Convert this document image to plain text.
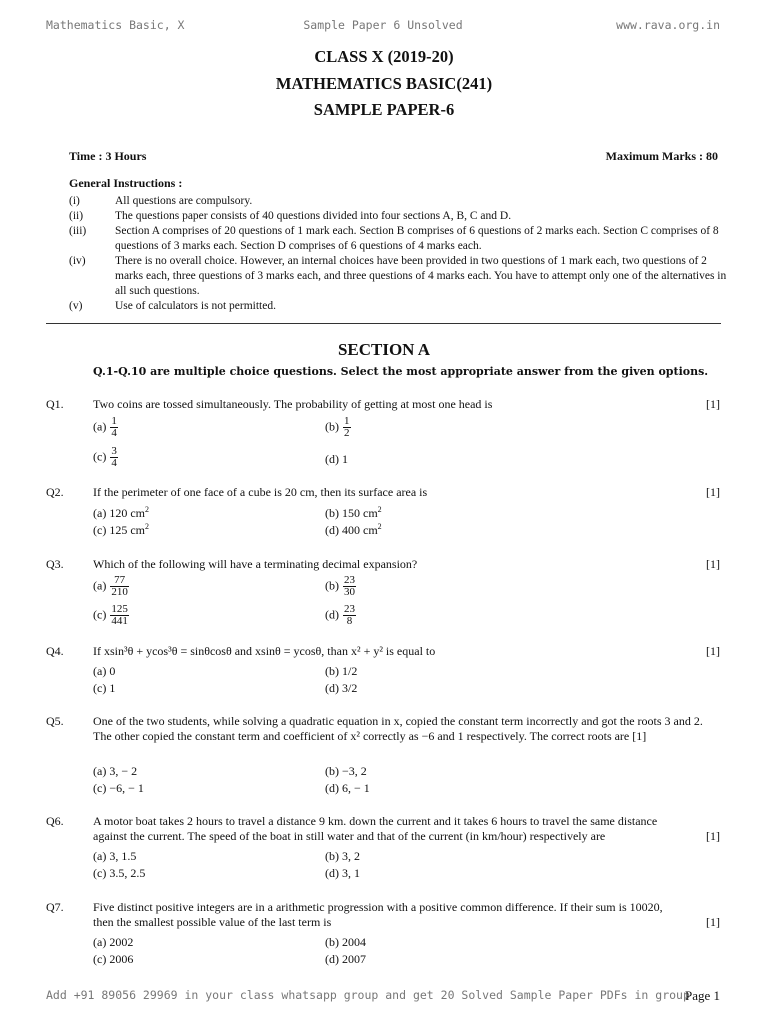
Mathematics Basic, X	Sample Paper 6 Unsolved	www.rava.org.in
CLASS X (2019-20)
MATHEMATICS BASIC(241)
SAMPLE PAPER-6
Time : 3 Hours	Maximum Marks : 80
General Instructions :
(i)	All questions are compulsory.
(ii)	The questions paper consists of 40 questions divided into four sections A, B, C and D.
(iii)	Section A comprises of 20 questions of 1 mark each. Section B comprises of 6 questions of 2 marks each. Section C comprises of 8 questions of 3 marks each. Section D comprises of 6 questions of 4 marks each.
(iv)	There is no overall choice. However, an internal choices have been provided in two questions of 1 mark each, two questions of 2 marks each, three questions of 3 marks each, and three questions of 4 marks each. You have to attempt only one of the alternatives in all such questions.
(v)	Use of calculators is not permitted.
SECTION A
Q.1-Q.10 are multiple choice questions. Select the most appropriate answer from the given options.
Q1. Two coins are tossed simultaneously. The probability of getting at most one head is	[1]
$(a) \frac{1}{4}$	$(b) \frac{1}{2}$
$(c) \frac{3}{4}$	(d) 1
Q2. If the perimeter of one face of a cube is 20 cm, then its surface area is	[1]
(a) 120 $cm^2$	(b) 150 $cm^2$
(c) 125 $cm^2$	(d) 400 $cm^2$
Q3. Which of the following will have a terminating decimal expansion?	[1]
$(a) \frac{77}{210}$	$(b) \frac{23}{30}$
$(c) \frac{125}{441}$	$(d) \frac{23}{8}$
Q4. If xsin³θ + ycos³θ = sinθcosθ and xsinθ = ycosθ, than x² + y² is equal to	[1]
(a) 0	(b) 1/2
(c) 1	(d) 3/2
Q5. One of the two students, while solving a quadratic equation in x, copied the constant term incorrectly and got the roots 3 and 2. The other copied the constant term and coefficient of x² correctly as −6 and 1 respectively. The correct roots are [1]
(a) 3, − 2	(b) −3, 2
(c) −6, − 1	(d) 6, − 1
Q6. A motor boat takes 2 hours to travel a distance 9 km. down the current and it takes 6 hours to travel the same distance against the current. The speed of the boat in still water and that of the current (in km/hour) respectively are	[1]
(a) 3, 1.5	(b) 3, 2
(c) 3.5, 2.5	(d) 3, 1
Q7. Five distinct positive integers are in a arithmetic progression with a positive common difference. If their sum is 10020, then the smallest possible value of the last term is	[1]
(a) 2002	(b) 2004
(c) 2006	(d) 2007
Add +91 89056 29969 in your class whatsapp group and get 20 Solved Sample Paper PDFs in group
Page 1
